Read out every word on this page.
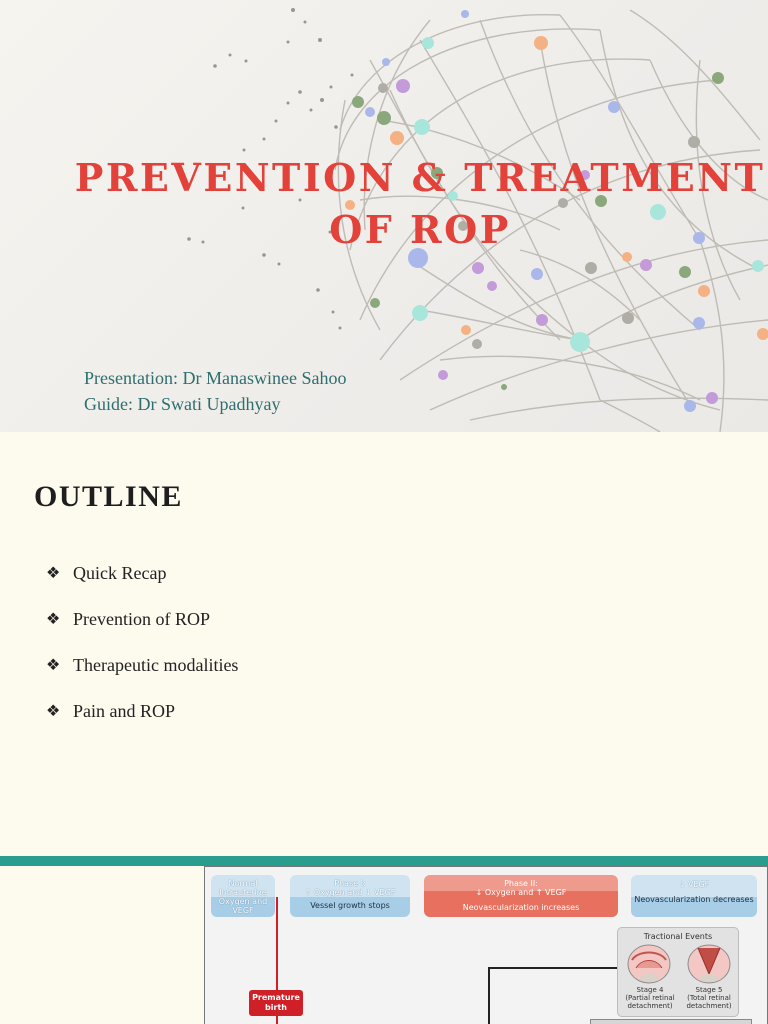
PREVENTION & TREATMENT
OF ROP
Presentation: Dr Manaswinee Sahoo
Guide: Dr Swati Upadhyay
OUTLINE
❖ Quick Recap
❖ Prevention of ROP
❖ Therapeutic modalities
❖ Pain and ROP
Normal Intrauterine Oxygen and VEGF
Phase I:
↑ Oxygen and ↓ VEGF
Vessel growth stops
Phase II:
↓ Oxygen and ↑ VEGF
Neovascularization increases
↓ VEGF
Neovascularization decreases
Premature birth
Tractional Events
Stage 4
(Partial retinal detachment)
Stage 5
(Total retinal detachment)
